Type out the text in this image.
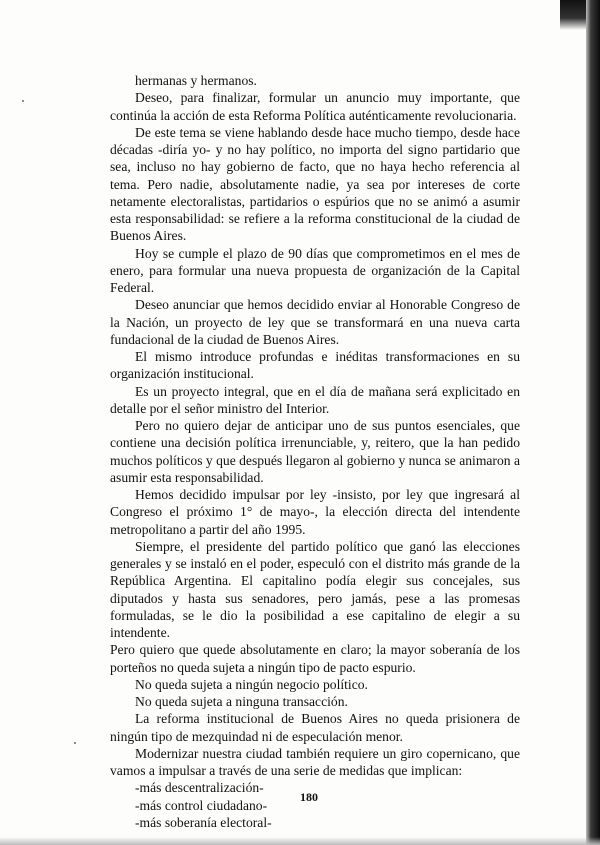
hermanas y hermanos.
Deseo, para finalizar, formular un anuncio muy importante, que
continúa la acción de esta Reforma Política auténticamente revolucionaria.
De este tema se viene hablando desde hace mucho tiempo, desde hace
décadas -diría yo- y no hay político, no importa del signo partidario que
sea, incluso no hay gobierno de facto, que no haya hecho referencia al
tema. Pero nadie, absolutamente nadie, ya sea por intereses de corte
netamente electoralistas, partidarios o espúrios que no se animó a asumir
esta responsabilidad: se refiere a la reforma constitucional de la ciudad de
Buenos Aires.
Hoy se cumple el plazo de 90 días que comprometimos en el mes de
enero, para formular una nueva propuesta de organización de la Capital
Federal.
Deseo anunciar que hemos decidido enviar al Honorable Congreso de
la Nación, un proyecto de ley que se transformará en una nueva carta
fundacional de la ciudad de Buenos Aires.
El mismo introduce profundas e inéditas transformaciones en su
organización institucional.
Es un proyecto integral, que en el día de mañana será explicitado en
detalle por el señor ministro del Interior.
Pero no quiero dejar de anticipar uno de sus puntos esenciales, que
contiene una decisión política irrenunciable, y, reitero, que la han pedido
muchos políticos y que después llegaron al gobierno y nunca se animaron a
asumir esta responsabilidad.
Hemos decidido impulsar por ley -insisto, por ley que ingresará al
Congreso el próximo 1° de mayo-, la elección directa del intendente
metropolitano a partir del año 1995.
Siempre, el presidente del partido político que ganó las elecciones
generales y se instaló en el poder, especuló con el distrito más grande de la
República Argentina. El capitalino podía elegir sus concejales, sus
diputados y hasta sus senadores, pero jamás, pese a las promesas
formuladas, se le dio la posibilidad a ese capitalino de elegir a su intendente.
Pero quiero que quede absolutamente en claro; la mayor soberanía de los
porteños no queda sujeta a ningún tipo de pacto espurio.
No queda sujeta a ningún negocio político.
No queda sujeta a ninguna transacción.
La reforma institucional de Buenos Aires no queda prisionera de
ningún tipo de mezquindad ni de especulación menor.
Modernizar nuestra ciudad también requiere un giro copernicano, que
vamos a impulsar a través de una serie de medidas que implican:
-más descentralización-
-más control ciudadano-
-más soberanía electoral-
180
